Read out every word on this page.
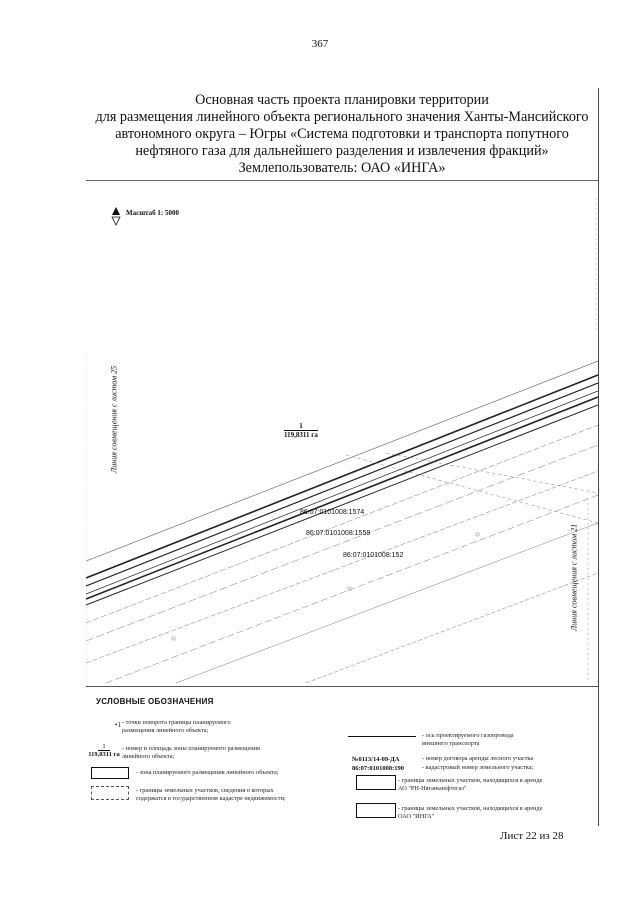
367
Основная часть проекта планировки территории
для размещения линейного объекта регионального значения Ханты-Мансийского
автономного округа – Югры «Система подготовки и транспорта попутного
нефтяного газа для дальнейшего разделения и извлечения фракций»
Землепользователь: ОАО «ИНГА»
Масштаб 1: 5000
Линия совмещения с листом 25
Линия совмещения с листом 21
1
119,8311 га
86:07:0101008:1574
86:07:0101008:1559
86:07:0101008:152
УСЛОВНЫЕ ОБОЗНАЧЕНИЯ
•1 - точки поворота границы планируемого
размещения линейного объекта;
1
119,8311 га
- номер и площадь зоны планируемого размещения
линейного объекта;
- зона планируемого размещения линейного объекта;
- границы земельных участков, сведения о которых
содержатся в государственном кадастре недвижимости;
- ось проектируемого газопровода
внешнего транспорта
№0113/14-09-ДА
86:07:0101008:190
- номер договора аренды лесного участка
- кадастровый номер земельного участка;
- границы земельных участков, находящихся в аренде
АО "РН-Няганьнефтегаз"
- границы земельных участков, находящихся в аренде
ОАО "ИНГА"
Лист 22 из 28
